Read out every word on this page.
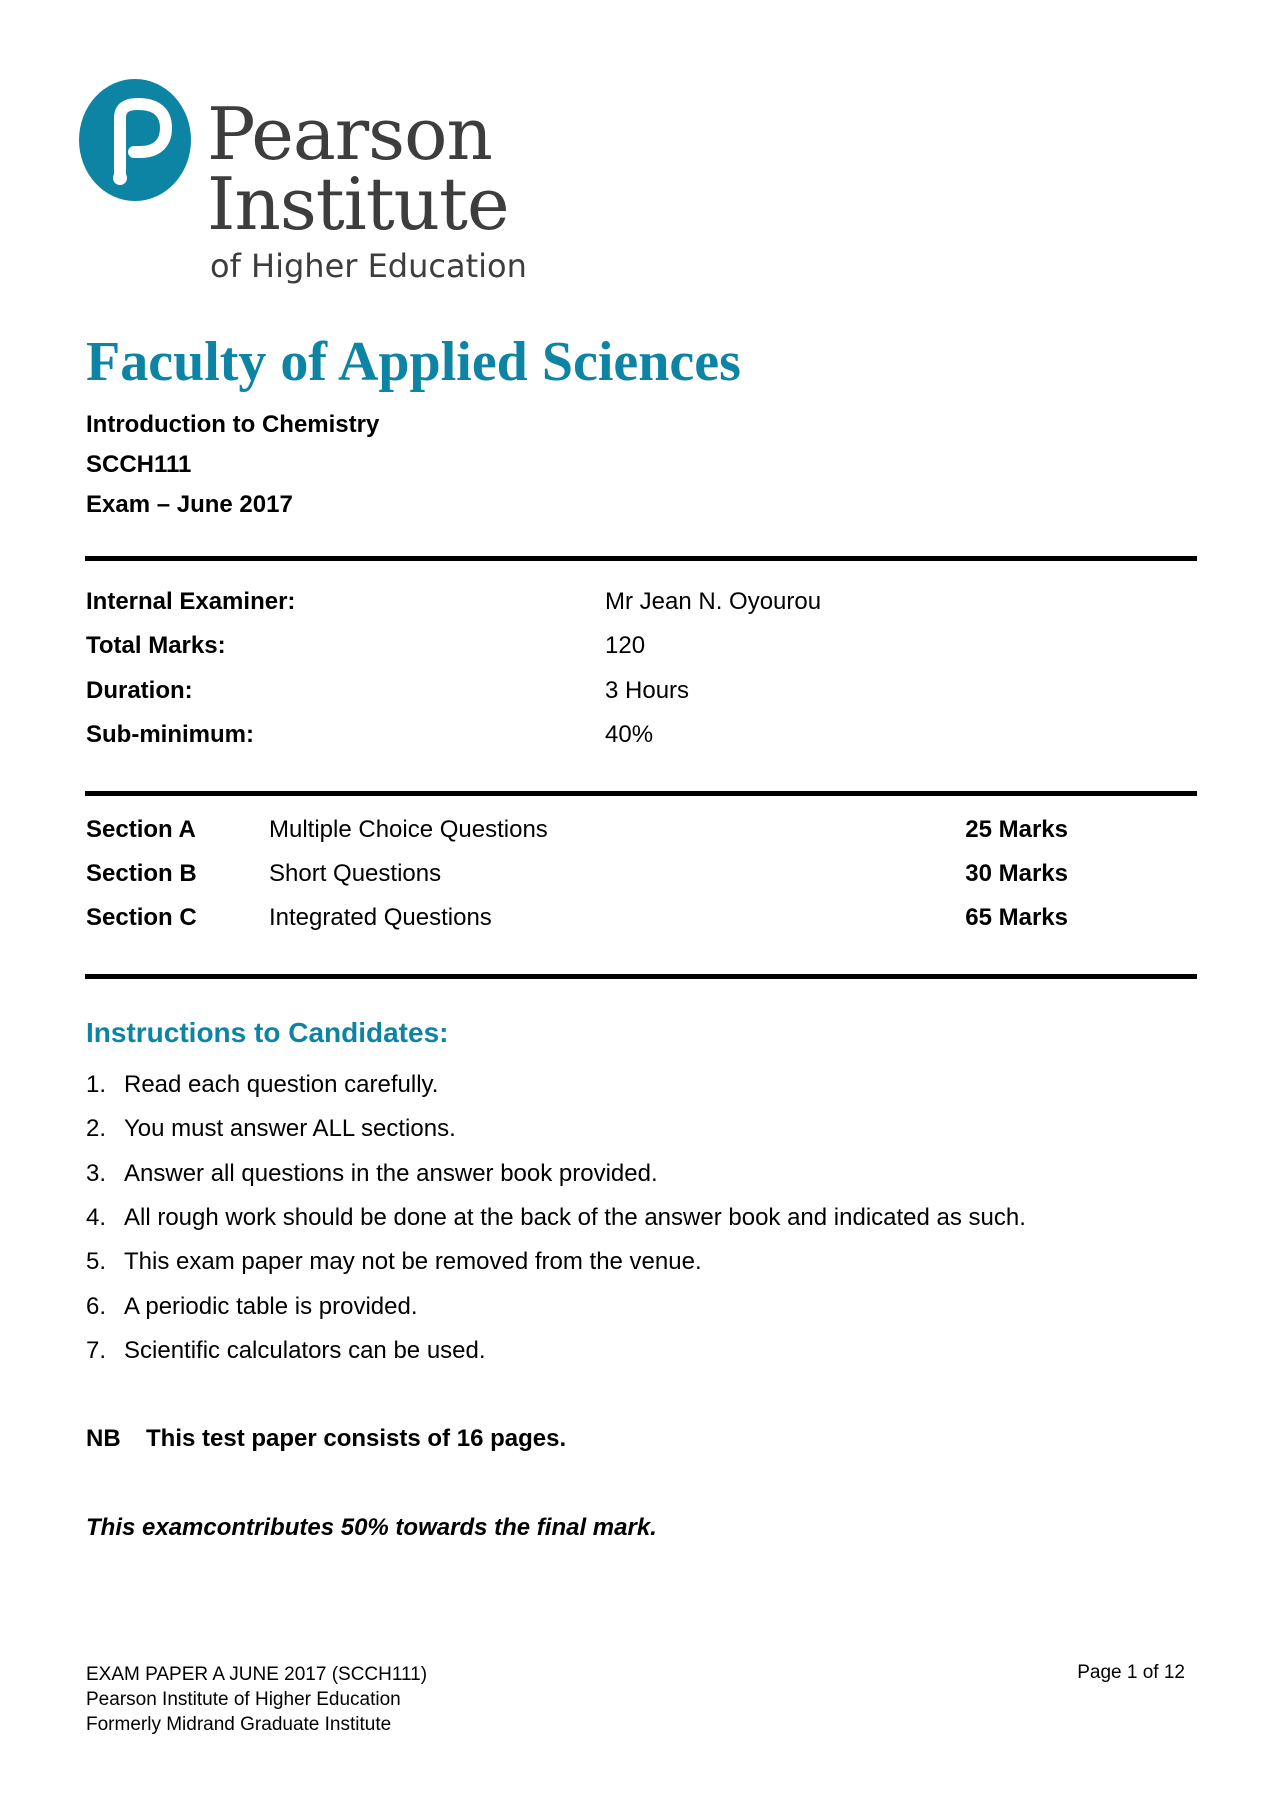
Pearson
Institute
of Higher Education
Faculty of Applied Sciences
Introduction to Chemistry
SCCH111
Exam – June 2017
Internal Examiner:	Mr Jean N. Oyourou
Total Marks:	120
Duration:	3 Hours
Sub-minimum:	40%
Section A	Multiple Choice Questions	25 Marks
Section B	Short Questions	30 Marks
Section C	Integrated Questions	65 Marks
Instructions to Candidates:
1. Read each question carefully.
2. You must answer ALL sections.
3. Answer all questions in the answer book provided.
4. All rough work should be done at the back of the answer book and indicated as such.
5. This exam paper may not be removed from the venue.
6. A periodic table is provided.
7. Scientific calculators can be used.
NB This test paper consists of 16 pages.
This examcontributes 50% towards the final mark.
EXAM PAPER A JUNE 2017 (SCCH111)
Pearson Institute of Higher Education
Formerly Midrand Graduate Institute
Page 1 of 12
